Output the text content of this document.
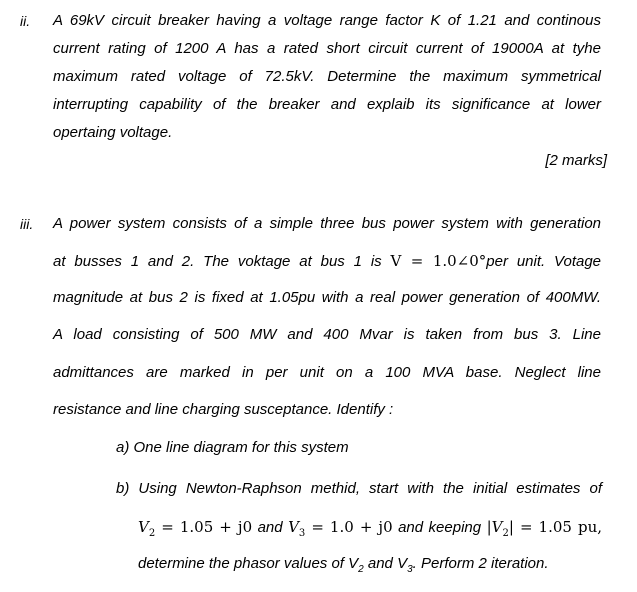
ii. A 69kV circuit breaker having a voltage range factor K of 1.21 and continous
current rating of 1200 A has a rated short circuit current of 19000A at tyhe
maximum rated voltage of 72.5kV. Determine the maximum symmetrical
interrupting capability of the breaker and explaib its significance at lower
opertaing voltage.
[2 marks]
iii. A power system consists of a simple three bus power system with generation
at busses 1 and 2. The voktage at bus 1 is V = 1.0∠0°per unit. Votage
magnitude at bus 2 is fixed at 1.05pu with a real power generation of 400MW.
A load consisting of 500 MW and 400 Mvar is taken from bus 3. Line
admittances are marked in per unit on a 100 MVA base. Neglect line
resistance and line charging susceptance. Identify :
a) One line diagram for this system
b) Using Newton-Raphson methid, start with the initial estimates of
$V_2 = 1.05 + j0$ and $V_3 = 1.0 + j0$ and keeping $|V_2| = 1.05$ pu,
determine the phasor values of $V_2$ and $V_3$. Perform 2 iteration.
